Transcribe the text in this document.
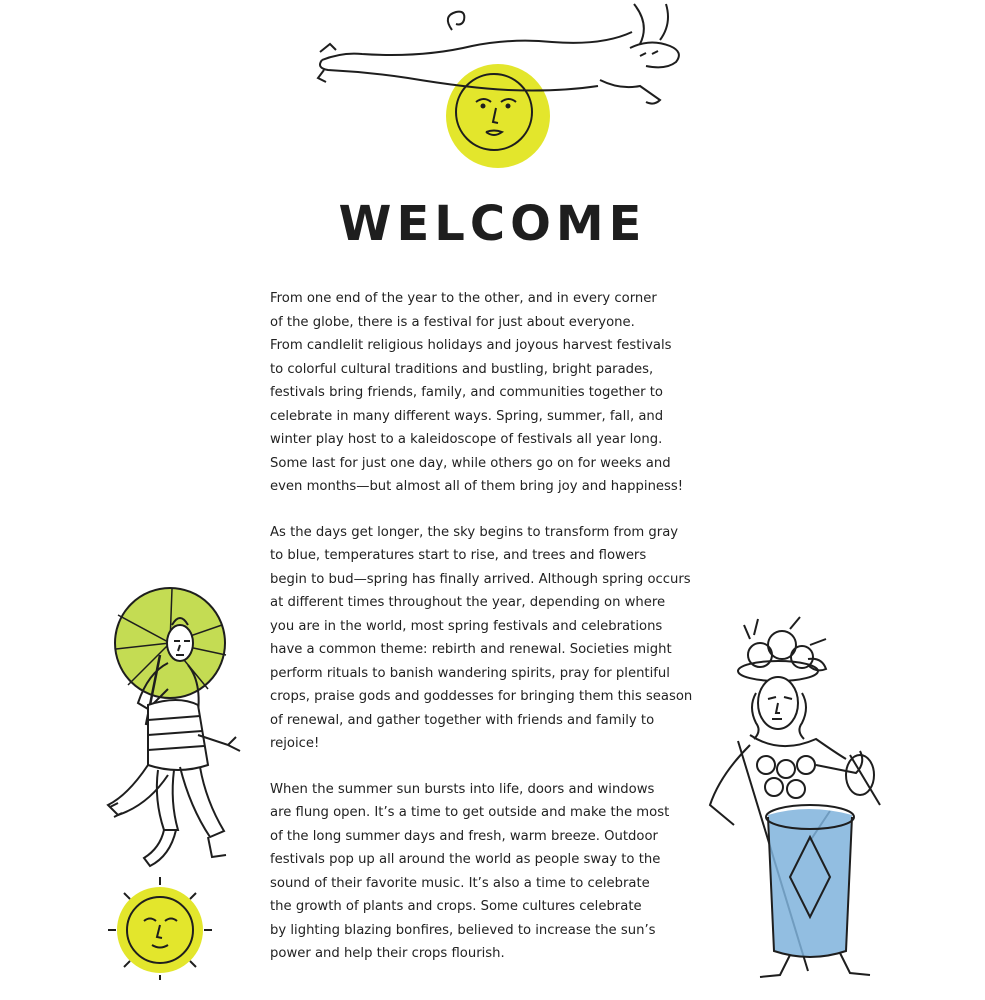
WELCOME
From one end of the year to the other, and in every corner
of the globe, there is a festival for just about everyone.
From candlelit religious holidays and joyous harvest festivals
to colorful cultural traditions and bustling, bright parades,
festivals bring friends, family, and communities together to
celebrate in many different ways. Spring, summer, fall, and
winter play host to a kaleidoscope of festivals all year long.
Some last for just one day, while others go on for weeks and
even months—but almost all of them bring joy and happiness!
As the days get longer, the sky begins to transform from gray
to blue, temperatures start to rise, and trees and flowers
begin to bud—spring has finally arrived. Although spring occurs
at different times throughout the year, depending on where
you are in the world, most spring festivals and celebrations
have a common theme: rebirth and renewal. Societies might
perform rituals to banish wandering spirits, pray for plentiful
crops, praise gods and goddesses for bringing them this season
of renewal, and gather together with friends and family to
rejoice!
When the summer sun bursts into life, doors and windows
are flung open. It’s a time to get outside and make the most
of the long summer days and fresh, warm breeze. Outdoor
festivals pop up all around the world as people sway to the
sound of their favorite music. It’s also a time to celebrate
the growth of plants and crops. Some cultures celebrate
by lighting blazing bonfires, believed to increase the sun’s
power and help their crops flourish.
